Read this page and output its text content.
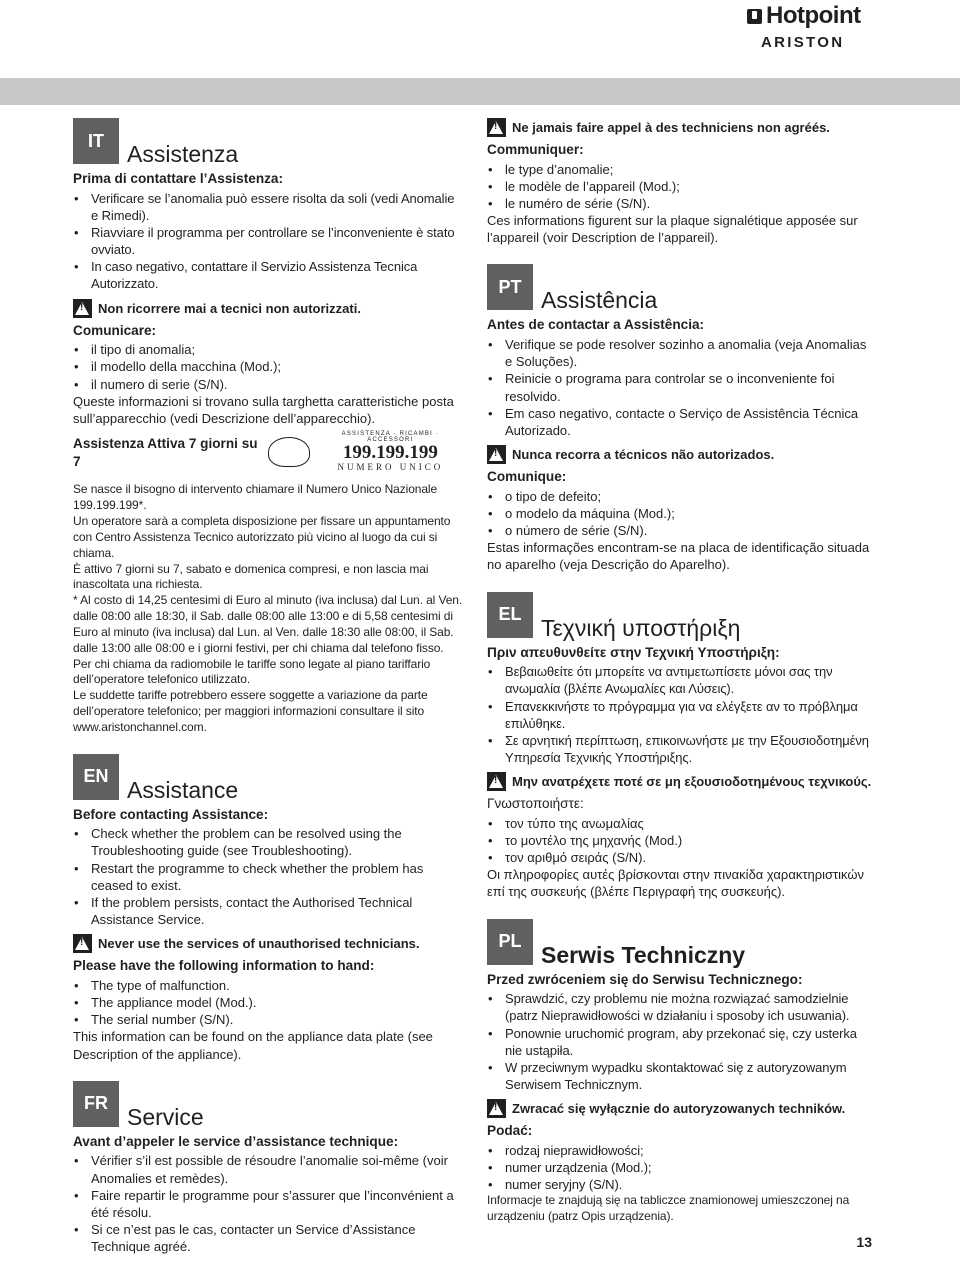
Hotpoint
ARISTON
IT
Assistenza
Prima di contattare l’Assistenza:
• Verificare se l’anomalia può essere risolta da soli (vedi Anomalie e Rimedi).
• Riavviare il programma per controllare se l’inconveniente è stato ovviato.
• In caso negativo, contattare il Servizio Assistenza Tecnica Autorizzato.
!
Non ricorrere mai a tecnici non autorizzati.
Comunicare:
• il tipo di anomalia;
• il modello della macchina (Mod.);
• il numero di serie (S/N).

Queste informazioni si trovano sulla targhetta caratteristiche posta sull’apparecchio (vedi Descrizione dell’apparecchio).

Assistenza Attiva 7 giorni su 7
ASSISTENZA · RICAMBI · ACCESSORI
199.199.199
NUMERO UNICO

Se nasce il bisogno di intervento chiamare il Numero Unico Nazionale 199.199.199*.

Un operatore sarà a completa disposizione per fissare un appuntamento con Centro Assistenza Tecnico autorizzato più vicino al luogo da cui si chiama.

È attivo 7 giorni su 7, sabato e domenica compresi, e non lascia mai inascoltata una richiesta.

* Al costo di 14,25 centesimi di Euro al minuto (iva inclusa) dal Lun. al Ven. dalle 08:00 alle 18:30, il Sab. dalle 08:00 alle 13:00 e di 5,58 centesimi di Euro al minuto (iva inclusa) dal Lun. al Ven. dalle 18:30 alle 08:00, il Sab. dalle 13:00 alle 08:00 e i giorni festivi, per chi chiama dal telefono fisso.

Per chi chiama da radiomobile le tariffe sono legate al piano tariffario dell’operatore telefonico utilizzato.

Le suddette tariffe potrebbero essere soggette a variazione da parte dell’operatore telefonico; per maggiori informazioni consultare il sito www.aristonchannel.com.

EN
Assistance
Before contacting Assistance:
• Check whether the problem can be resolved using the Troubleshooting guide (see Troubleshooting).
• Restart the programme to check whether the problem has ceased to exist.
• If the problem persists, contact the Authorised Technical Assistance Service.
!
Never use the services of unauthorised technicians.
Please have the following information to hand:
• The type of malfunction.
• The appliance model (Mod.).
• The serial number (S/N).

This information can be found on the appliance data plate (see Description of the appliance).

FR
Service
Avant d’appeler le service d’assistance technique:
• Vérifier s’il est possible de résoudre l’anomalie soi-même (voir Anomalies et remèdes).
• Faire repartir le programme pour s’assurer que l’inconvénient a été résolu.
• Si ce n’est pas le cas, contacter un Service d’Assistance Technique agréé.
!
Ne jamais faire appel à des techniciens non agréés.
Communiquer:
• le type d’anomalie;
• le modèle de l’appareil (Mod.);
• le numéro de série (S/N).

Ces informations figurent sur la plaque signalétique apposée sur l’appareil (voir Description de l’appareil).

PT
Assistência
Antes de contactar a Assistência:
• Verifique se pode resolver sozinho a anomalia (veja Anomalias e Soluções).
• Reinicie o programa para controlar se o inconveniente foi resolvido.
• Em caso negativo, contacte o Serviço de Assistência Técnica Autorizado.
!
Nunca recorra a técnicos não autorizados.
Comunique:
• o tipo de defeito;
• o modelo da máquina (Mod.);
• o número de série (S/N).

Estas informações encontram-se na placa de identificação situada no aparelho (veja Descrição do Aparelho).

EL
Τεχνική υποστήριξη
Πριν απευθυνθείτε στην Τεχνική Υποστήριξη:
• Βεβαιωθείτε ότι μπορείτε να αντιμετωπίσετε μόνοι σας την ανωμαλία (βλέπε Ανωμαλίες και Λύσεις).
• Επανεκκινήστε το πρόγραμμα για να ελέγξετε αν το πρόβλημα επιλύθηκε.
• Σε αρνητική περίπτωση, επικοινωνήστε με την Εξουσιοδοτημένη Υπηρεσία Τεχνικής Υποστήριξης.
!
Μην ανατρέχετε ποτέ σε μη εξουσιοδοτημένους τεχνικούς.
Γνωστοποιήστε:
• τον τύπο της ανωμαλίας
• το μοντέλο της μηχανής (Mod.)
• τον αριθμό σειράς (S/N).

Οι πληροφορίες αυτές βρίσκονται στην πινακίδα χαρακτηριστικών επί της συσκευής (βλέπε Περιγραφή της συσκευής).

PL
Serwis Techniczny
Przed zwróceniem się do Serwisu Technicznego:
• Sprawdzić, czy problemu nie można rozwiązać samodzielnie (patrz Nieprawidłowości w działaniu i sposoby ich usuwania).
• Ponownie uruchomić program, aby przekonać się, czy usterka nie ustąpiła.
• W przeciwnym wypadku skontaktować się z autoryzowanym Serwisem Technicznym.
!
Zwracać się wyłącznie do autoryzowanych techników.
Podać:
• rodzaj nieprawidłowości;
• numer urządzenia (Mod.);
• numer seryjny (S/N).

Informacje te znajdują się na tabliczce znamionowej umieszczonej na urządzeniu (patrz Opis urządzenia).

13
